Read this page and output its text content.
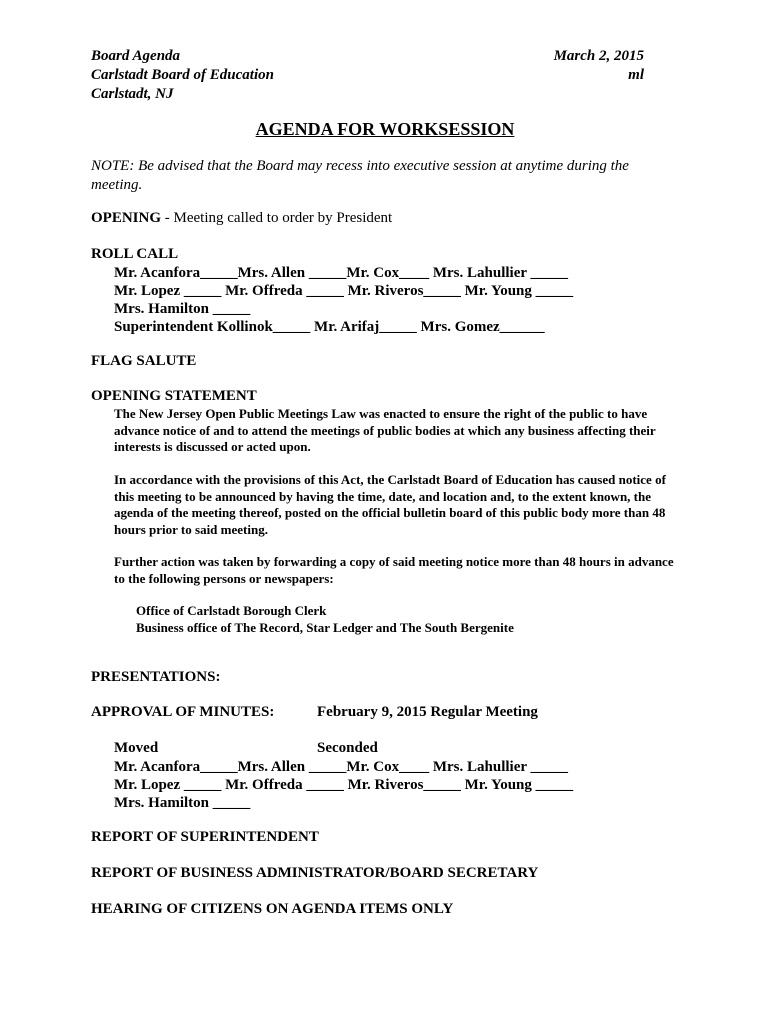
Board Agenda
Carlstadt Board of Education
Carlstadt, NJ
March 2, 2015
ml
AGENDA FOR WORKSESSION
NOTE: Be advised that the Board may recess into executive session at anytime during the meeting.
OPENING - Meeting called to order by President
ROLL CALL
Mr. Acanfora_____Mrs. Allen _____Mr. Cox____ Mrs. Lahullier _____
Mr. Lopez _____ Mr. Offreda _____ Mr. Riveros_____ Mr. Young _____
Mrs. Hamilton _____
Superintendent Kollinok_____ Mr. Arifaj_____ Mrs. Gomez______
FLAG SALUTE
OPENING STATEMENT
The New Jersey Open Public Meetings Law was enacted to ensure the right of the public to have advance notice of and to attend the meetings of public bodies at which any business affecting their interests is discussed or acted upon.
In accordance with the provisions of this Act, the Carlstadt Board of Education has caused notice of this meeting to be announced by having the time, date, and location and, to the extent known, the agenda of the meeting thereof, posted on the official bulletin board of this public body more than 48 hours prior to said meeting.
Further action was taken by forwarding a copy of said meeting notice more than 48 hours in advance to the following persons or newspapers:
Office of Carlstadt Borough Clerk
Business office of The Record, Star Ledger and The South Bergenite
PRESENTATIONS:
APPROVAL OF MINUTES:	February 9, 2015 Regular Meeting
Moved	Seconded
Mr. Acanfora_____Mrs. Allen _____Mr. Cox____ Mrs. Lahullier _____
Mr. Lopez _____ Mr. Offreda _____ Mr. Riveros_____ Mr. Young _____
Mrs. Hamilton _____
REPORT OF SUPERINTENDENT
REPORT OF BUSINESS ADMINISTRATOR/BOARD SECRETARY
HEARING OF CITIZENS ON AGENDA ITEMS ONLY
